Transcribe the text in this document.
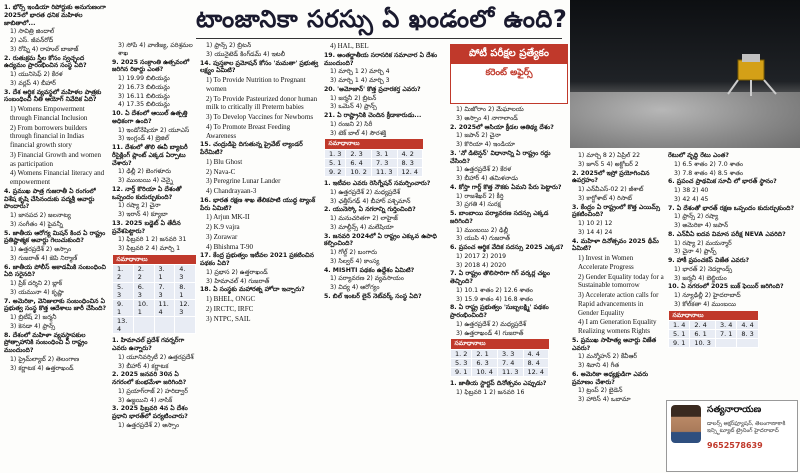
టాంజానికా సరస్సు ఏ ఖండంలో ఉంది?
పోటీ పరీక్షల ప్రత్యేకం
కరెంట్ అఫైర్స్

1. భోర్స్ ఇండియా రిపోర్టుకు అనుగుణంగా 2025లో భారత ధనిక మహిళల జాబితాలో...

1) సావిత్రి జిందాల్

2) ఎస్. జీవన్‌రోద్

3) రోష్ని 4) రాహుల్ బాజాజ్

2. రుతుక్రమ స్త్రీల కోసం స్వచ్ఛంద ఉద్యమం ప్రారంభించిన సంస్థ ఏది?

1) యునిసెఫ్ 2) కేరళ

3) వర్లప్ 4) బీహార్

3. దేశ ఆర్థిక వ్యవస్థలో మహిళల పాత్రకు సంబంధించి నీతి ఆయోగ్ నివేదిక ఏది?

1) Womens Empowerment through Financial Inclusion

2) From borrowers builders through financial in Indias financial growth story

3) Financial Growth and women as participation

4) Womens Financial literacy and empowerment

4. ప్రముఖ పాత్ర గుజరాతీ ఏ రంగంలో విశేష కృషి చేసినందుకు పద్మశ్రీ అవార్డు పొందారు?

1) జానపద 2) జలనాట్య

3) సంగీతం 4) పైవన్నీ

5. జాతీయ ఆరోగ్య మిషన్ కింద ఏ రాష్ట్రం ప్రతిష్టాత్మక అవార్డు గెలుచుకుంది?

1) ఉత్తరప్రదేశ్ 2) అస్సాం

3) గుజరాత్ 4) జెపి నిర్మాణ్

6. జాతీయ పోలీస్ అకాడమీకి సంబంధించి ఏది సరైనది?

1) ప్రిక్ దర్శిని 2) బ్లాక్

3) యమునా 4) కృష్ణా

7. అమెరికా, వెనిజులాకు సంబంధించిన ఏ ప్రభుత్వ సంస్థ కొత్త ఆదేశాలు జారీ చేసింది?

1) బ్రిటీష్ 2) జర్మనీ

3) కెనడా 4) ఫ్రాన్స్

8. దేశంలో మహిళా వ్యవస్థాపకుల ప్రోత్సాహానికి సంబంధించి ఏ రాష్ట్రం ముందుంది?

1) ప్రైమ్‌ల్యాబ్ 2) తెలంగాణ

3) కర్ణాటక 4) ఉత్తరాఖండ్

3) సోపే 4) వాణిజ్య, పరిశ్రమల శాఖ

9. 2025 సంక్రాంతి ఉత్సవంలో జరిగిన రికార్డు ఎంత?

1) 19.99 బిలియన్లు

2) 16.73 బిలియన్లు

3) 16.11 బిలియన్లు

4) 17.35 బిలియన్లు

10. ఏ దేశంలో ఆయిల్ ఉత్పత్తి అధికంగా ఉంది?

1) ఇండోనేషియా 2) యూఎస్

3) ఇంగ్లండ్ 4) బ్రెజిల్

11. దేశంలో తొలి ఈవీ బ్యాటరీ రీసైక్లింగ్ ప్లాంట్ ఎక్కడ ఏర్పాటు చేశారు?

1) ఢిల్లీ 2) బెంగళూరు

3) ముంబయి 4) చెన్నై

12. నార్త్ కొరియా ఏ దేశంతో ఒప్పందం కుదుర్చుకుంది?

1) రష్యా 2) చైనా

3) ఇరాన్ 4) క్యూబా

13. 2025 బడ్జెట్ ఏ తేదీన ప్రవేశపెట్టారు?

1) ఫిబ్రవరి 1 2) జనవరి 31

3) ఫిబ్రవరి 2 4) మార్చి 1

సమాధానాలు			
1. 2	2. 2	3. 1	4. 3
5. 3	6. 3	7. 3	8. 1
9. 1	10. 1	11. 4	12. 3
13. 4			

1. హిమాచల్ ప్రదేశ్ గవర్నర్‌గా ఎవరు ఉన్నారు?

1) యూనివర్సిటీ 2) ఉత్తరప్రదేశ్

3) బీహార్ 4) కర్ణాటక

2. 2025 జనవరి 30న ఏ నగరంలో కుంభమేళా జరిగింది?

1) ప్రయాగ్‌రాజ్ 2) హరిద్వార్

3) ఉజ్జయిని 4) నాసిక్

3. 2025 ఫిబ్రవరి 4న ఏ దేశం ప్రధాని భారత్‌లో పర్యటించారు?

1) ఉత్తరప్రదేశ్ 2) అస్సాం

1) ఫ్రాన్స్ 2) బ్రిటన్

3) యునైటెడ్ కింగ్‌డమ్ 4) ఇటలీ

14. పుస్తకాల ప్రమోషన్ కోసం 'మమతా' ప్రభుత్వ లక్ష్యం ఏమిటి?

1) To Provide Nutrition to Pregnant women

2) To Provide Pasteurized donor human milk to critically ill Preterm babies

3) To Develop Vaccines for Newborns

4) To Promote Breast Feeding Awareness

15. చంద్రుడిపై దిగుతున్న ప్రైవేట్ ల్యాండర్ పేరేమిటి?

1) Blu Ghost

2) Nava-C

3) Peregrine Lunar Lander

4) Chandrayaan-3

16. భారత రక్షణ శాఖ తేలికపాటి యుద్ధ ట్యాంక్ పేరు ఏమిటి?

1) Arjun MK-II

2) K.9 vajra

3) Zorawar

4) Bhishma T-90

17. కేంద్ర ప్రభుత్వం ఇటీవల 2021 ప్రకటించిన పథకం ఏది?

1) ప్రభాస 2) ఉత్తరాఖండ్

3) హిమాచల్ 4) గుజరాత్

18. ఏ సంస్థకు మహారత్న హోదా ఇచ్చారు?

1) BHEL, ONGC

2) IRCTC, IRFC

3) NTPC, SAIL

4) HAL, BEL

19. అంతర్జాతీయ సరాసరిక సమాచార ఏ దేశం ముందుంది?

1) మార్చి 1 2) మార్చి 4

3) మార్చి 1 4) మార్చి 3

20. 'అమోజాన్' కొత్త ప్రచారకర్త ఎవరు?

1) జర్మనీ 2) బ్రిటన్

3) ఒమెన్ 4) ఫ్రాన్స్

21. ఏ రాష్ట్రానికి చెందిన క్రీడాకారుడు...

1) రంజని 2) సిరీ

3) టెక్ బాల్ 4) సౌరశక్తి

సమాధానాలు			
1. 3	2. 3	3. 1	4. 2
5. 1	6. 4	7. 3	8. 3
9. 2	10. 2	11. 3	12. 4

1. ఇటీవల ఎవరు రెసిగ్నేషన్ సమర్పించారు?

1) ఉత్తరప్రదేశ్ 2) మధ్యప్రదేశ్

3) ఛత్తీస్‌గఢ్ 4) బీహార్ పశ్చిమాన్

2. యునెస్కో ఏ నగరాన్ని గుర్తించింది?

1) మనుచరితగా 2) లాహైజ్

3) మాల్దీవ్స్ 4) మలేషియా

3. జనవరి 2024లో ఏ రాష్ట్రం ఎక్కువ ఉపాధి కల్పించింది?

1) గోల్డ్ 2) బంగారు

3) సిల్వర్ 4) కాంస్య

4. MISHTI పథకం ఉద్దేశం ఏమిటి?

1) పర్యావరణ 2) వ్యవసాయం

3) విద్య 4) ఆరోగ్యం

5. బిల్ ఇంటర్ లైన్ నెట్‌వర్క్ సంస్థ ఏది?

1) మిజోరాం 2) మేఘాలయ

3) అస్సాం 4) నాగాలాండ్

2. 2025లో ఆసియా క్రీడల ఆతిథ్య దేశం?

1) జపాన్ 2) చైనా

3) కొరియా 4) ఇండియా

3. 'నో డిటెన్షన్' విధానాన్ని ఏ రాష్ట్రం రద్దు చేసింది?

1) ఉత్తరప్రదేశ్ 2) కేరళ

3) బీహార్ 4) తమిళనాడు

4. కోస్తా గార్డ్ కొత్త నౌకకు ఏమని పేరు పెట్టారు?

1) రాజశేఖర్ 2) కీర్తి

3) ప్రగతి 4) సురక్ష

5. బాంబాయి పర్యావరణ సదస్సు ఎక్కడ జరిగింది?

1) ముంబయి 2) ఢిల్లీ

3) యుపి 4) గుజరాత్

6. ప్రపంచ ఆర్థిక వేదిక సదస్సు 2025 ఎక్కడ?

1) 2017 2) 2019

3) 2018 4) 2020

7. ఏ రాష్ట్రం తొలిసారిగా గిగ్ వర్కర్ల చట్టం తెచ్చింది?

1) 10.1 శాతం 2) 12.6 శాతం

3) 15.9 శాతం 4) 16.8 శాతం

8. ఏ రాష్ట్ర ప్రభుత్వం 'సుబ్బలక్ష్మి' పథకం ప్రారంభించింది?

1) ఉత్తరప్రదేశ్ 2) మధ్యప్రదేశ్

3) ఉత్తరాఖండ్ 4) గుజరాత్

సమాధానాలు			
1. 2	2. 1	3. 3	4. 4
5. 3	6. 3	7. 4	8. 4
9. 1	10. 4	11. 3	12. 4

1. జాతీయ స్టార్టప్ దినోత్సవం ఎప్పుడు?

1) ఫిబ్రవరి 1 2) జనవరి 16

1) మార్చి 8 2) ఏప్రిల్ 22

3) జూన్ 5 4) అక్టోబర్ 2

2. 2025లో ఇస్రో ప్రయోగించిన ఉపగ్రహం?

1) ఎన్‌వీఎస్-02 2) జీశాట్

3) కార్టోశాట్ 4) రిసాట్

3. కేంద్రం ఏ రాష్ట్రంలో కొత్త ఎయిమ్స్ ప్రకటించింది?

1) 10 2) 12

3) 14 4) 24

4. మహిళా దినోత్సవం 2025 థీమ్ ఏమిటి?

1) Invest in Women Accelerate Progress

2) Gender Equality today for a Sustainable tomorrow

3) Accelerate action calls for Rapid advancements in Gender Equality

4) I am Generation Equality Realizing womens Rights

5. ప్రముఖ సాహిత్య అవార్డు విజేత ఎవరు?

1) మన్మోహన్ 2) కేవీఆర్

3) శివాని 4) గీత

6. అమెరికా అధ్యక్షుడిగా ఎవరు ప్రమాణం చేశారు?

1) ట్రంప్ 2) బైడెన్

3) హారిస్ 4) ఒబామా

రేటులో వృద్ధి రేటు ఎంత?

1) 6.5 శాతం 2) 7.0 శాతం

3) 7.8 శాతం 4) 8.5 శాతం

6. ప్రపంచ ప్రాథమిక సూచీ లో భారత్ స్థానం?

1) 38 2) 40

3) 42 4) 45

7. ఏ దేశంతో భారత్ రక్షణ ఒప్పందం కుదుర్చుకుంది?

1) ఫ్రాన్స్ 2) రష్యా

3) అమెరికా 4) జపాన్

8. ఎన్‌వీఏ ఐదవ విమాన పరీక్ష NEVA ఎవరిది?

1) రష్యా 2) మయన్మార్

3) చైనా 4) ఫ్రాన్స్

9. హాకీ ప్రపంచకప్ విజేత ఎవరు?

1) భారత్ 2) నెదర్లాండ్స్

3) జర్మనీ 4) బెల్జియం

10. ఏ నగరంలో 2025 బుక్ ఫెయిర్ జరిగింది?

1) న్యూఢిల్లీ 2) హైదరాబాద్

3) కోల్‌కతా 4) ముంబయి

సమాధానాలు			
1. 4	2. 4	3. 4	4. 4
5. 1	6. 1	7. 1	8. 3
9. 1	10. 3		
సత్యనారాయణ
డాలర్స్ అక్షర్‌ఫ్యూషన్, తెలంగాణాకాకి ఇన్స్టిట్యూట్ ట్రైనింగ్ హైదరాబాద్
9652578639
